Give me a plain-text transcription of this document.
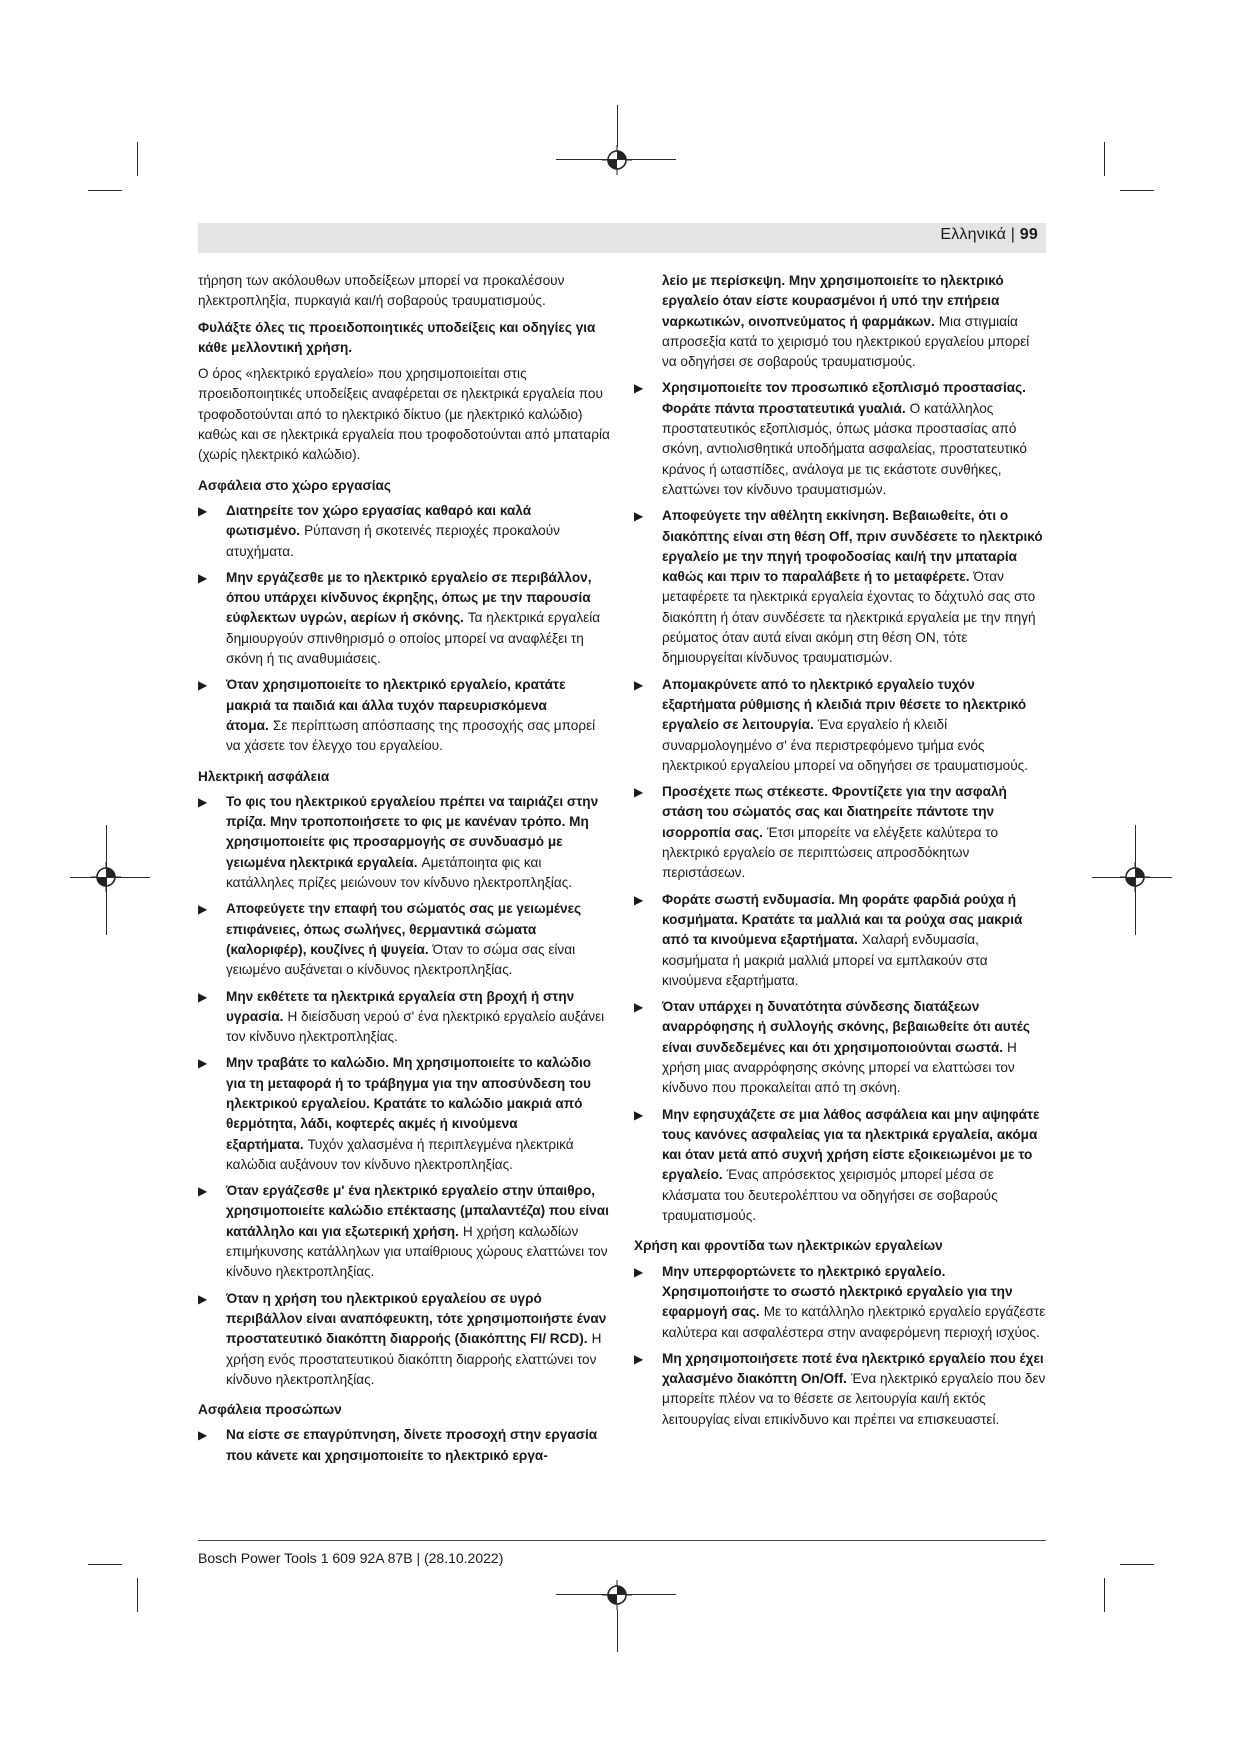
Ελληνικά | 99

τήρηση των ακόλουθων υποδείξεων μπορεί να προκαλέσουν ηλεκτροπληξία, πυρκαγιά και/ή σοβαρούς τραυματισμούς.

Φυλάξτε όλες τις προειδοποιητικές υποδείξεις και οδηγίες για κάθε μελλοντική χρήση.

Ο όρος «ηλεκτρικό εργαλείο» που χρησιμοποιείται στις προειδοποιητικές υποδείξεις αναφέρεται σε ηλεκτρικά εργαλεία που τροφοδοτούνται από το ηλεκτρικό δίκτυο (με ηλεκτρικό καλώδιο) καθώς και σε ηλεκτρικά εργαλεία που τροφοδοτούνται από μπαταρία (χωρίς ηλεκτρικό καλώδιο).

Ασφάλεια στο χώρο εργασίας
▶ Διατηρείτε τον χώρο εργασίας καθαρό και καλά φωτισμένο. Ρύπανση ή σκοτεινές περιοχές προκαλούν ατυχήματα.
▶ Μην εργάζεσθε με το ηλεκτρικό εργαλείο σε περιβάλλον, όπου υπάρχει κίνδυνος έκρηξης, όπως με την παρουσία εύφλεκτων υγρών, αερίων ή σκόνης. Τα ηλεκτρικά εργαλεία δημιουργούν σπινθηρισμό ο οποίος μπορεί να αναφλέξει τη σκόνη ή τις αναθυμιάσεις.
▶ Όταν χρησιμοποιείτε το ηλεκτρικό εργαλείο, κρατάτε μακριά τα παιδιά και άλλα τυχόν παρευρισκόμενα άτομα. Σε περίπτωση απόσπασης της προσοχής σας μπορεί να χάσετε τον έλεγχο του εργαλείου.
Ηλεκτρική ασφάλεια
▶ Το φις του ηλεκτρικού εργαλείου πρέπει να ταιριάζει στην πρίζα. Μην τροποποιήσετε το φις με κανέναν τρόπο. Μη χρησιμοποιείτε φις προσαρμογής σε συνδυασμό με γειωμένα ηλεκτρικά εργαλεία. Αμετάποιητα φις και κατάλληλες πρίζες μειώνουν τον κίνδυνο ηλεκτροπληξίας.
▶ Αποφεύγετε την επαφή του σώματός σας με γειωμένες επιφάνειες, όπως σωλήνες, θερμαντικά σώματα (καλοριφέρ), κουζίνες ή ψυγεία. Όταν το σώμα σας είναι γειωμένο αυξάνεται ο κίνδυνος ηλεκτροπληξίας.
▶ Μην εκθέτετε τα ηλεκτρικά εργαλεία στη βροχή ή στην υγρασία. Η διείσδυση νερού σ' ένα ηλεκτρικό εργαλείο αυξάνει τον κίνδυνο ηλεκτροπληξίας.
▶ Μην τραβάτε το καλώδιο. Μη χρησιμοποιείτε το καλώδιο για τη μεταφορά ή το τράβηγμα για την αποσύνδεση του ηλεκτρικού εργαλείου. Κρατάτε το καλώδιο μακριά από θερμότητα, λάδι, κοφτερές ακμές ή κινούμενα εξαρτήματα. Τυχόν χαλασμένα ή περιπλεγμένα ηλεκτρικά καλώδια αυξάνουν τον κίνδυνο ηλεκτροπληξίας.
▶ Όταν εργάζεσθε μ' ένα ηλεκτρικό εργαλείο στην ύπαιθρο, χρησιμοποιείτε καλώδιο επέκτασης (μπαλαντέζα) που είναι κατάλληλο και για εξωτερική χρήση. Η χρήση καλωδίων επιμήκυνσης κατάλληλων για υπαίθριους χώρους ελαττώνει τον κίνδυνο ηλεκτροπληξίας.
▶ Όταν η χρήση του ηλεκτρικού εργαλείου σε υγρό περιβάλλον είναι αναπόφευκτη, τότε χρησιμοποιήστε έναν προστατευτικό διακόπτη διαρροής (διακόπτης FI/ RCD). Η χρήση ενός προστατευτικού διακόπτη διαρροής ελαττώνει τον κίνδυνο ηλεκτροπληξίας.
Ασφάλεια προσώπων
▶ Να είστε σε επαγρύπνηση, δίνετε προσοχή στην εργασία που κάνετε και χρησιμοποιείτε το ηλεκτρικό εργα-
λείο με περίσκεψη. Μην χρησιμοποιείτε το ηλεκτρικό εργαλείο όταν είστε κουρασμένοι ή υπό την επήρεια ναρκωτικών, οινοπνεύματος ή φαρμάκων. Μια στιγμιαία απροσεξία κατά το χειρισμό του ηλεκτρικού εργαλείου μπορεί να οδηγήσει σε σοβαρούς τραυματισμούς.
▶ Χρησιμοποιείτε τον προσωπικό εξοπλισμό προστασίας. Φοράτε πάντα προστατευτικά γυαλιά. Ο κατάλληλος προστατευτικός εξοπλισμός, όπως μάσκα προστασίας από σκόνη, αντιολισθητικά υποδήματα ασφαλείας, προστατευτικό κράνος ή ωτασπίδες, ανάλογα με τις εκάστοτε συνθήκες, ελαττώνει τον κίνδυνο τραυματισμών.
▶ Αποφεύγετε την αθέλητη εκκίνηση. Βεβαιωθείτε, ότι ο διακόπτης είναι στη θέση Off, πριν συνδέσετε το ηλεκτρικό εργαλείο με την πηγή τροφοδοσίας και/ή την μπαταρία καθώς και πριν το παραλάβετε ή το μεταφέρετε. Όταν μεταφέρετε τα ηλεκτρικά εργαλεία έχοντας το δάχτυλό σας στο διακόπτη ή όταν συνδέσετε τα ηλεκτρικά εργαλεία με την πηγή ρεύματος όταν αυτά είναι ακόμη στη θέση ON, τότε δημιουργείται κίνδυνος τραυματισμών.
▶ Απομακρύνετε από το ηλεκτρικό εργαλείο τυχόν εξαρτήματα ρύθμισης ή κλειδιά πριν θέσετε το ηλεκτρικό εργαλείο σε λειτουργία. Ένα εργαλείο ή κλειδί συναρμολογημένο σ' ένα περιστρεφόμενο τμήμα ενός ηλεκτρικού εργαλείου μπορεί να οδηγήσει σε τραυματισμούς.
▶ Προσέχετε πως στέκεστε. Φροντίζετε για την ασφαλή στάση του σώματός σας και διατηρείτε πάντοτε την ισορροπία σας. Έτσι μπορείτε να ελέγξετε καλύτερα το ηλεκτρικό εργαλείο σε περιπτώσεις απροσδόκητων περιστάσεων.
▶ Φοράτε σωστή ενδυμασία. Μη φοράτε φαρδιά ρούχα ή κοσμήματα. Κρατάτε τα μαλλιά και τα ρούχα σας μακριά από τα κινούμενα εξαρτήματα. Χαλαρή ενδυμασία, κοσμήματα ή μακριά μαλλιά μπορεί να εμπλακούν στα κινούμενα εξαρτήματα.
▶ Όταν υπάρχει η δυνατότητα σύνδεσης διατάξεων αναρρόφησης ή συλλογής σκόνης, βεβαιωθείτε ότι αυτές είναι συνδεδεμένες και ότι χρησιμοποιούνται σωστά. Η χρήση μιας αναρρόφησης σκόνης μπορεί να ελαττώσει τον κίνδυνο που προκαλείται από τη σκόνη.
▶ Μην εφησυχάζετε σε μια λάθος ασφάλεια και μην αψηφάτε τους κανόνες ασφαλείας για τα ηλεκτρικά εργαλεία, ακόμα και όταν μετά από συχνή χρήση είστε εξοικειωμένοι με το εργαλείο. Ένας απρόσεκτος χειρισμός μπορεί μέσα σε κλάσματα του δευτερολέπτου να οδηγήσει σε σοβαρούς τραυματισμούς.
Χρήση και φροντίδα των ηλεκτρικών εργαλείων
▶ Μην υπερφορτώνετε το ηλεκτρικό εργαλείο. Χρησιμοποιήστε το σωστό ηλεκτρικό εργαλείο για την εφαρμογή σας. Με το κατάλληλο ηλεκτρικό εργαλείο εργάζεστε καλύτερα και ασφαλέστερα στην αναφερόμενη περιοχή ισχύος.
▶ Μη χρησιμοποιήσετε ποτέ ένα ηλεκτρικό εργαλείο που έχει χαλασμένο διακόπτη On/Off. Ένα ηλεκτρικό εργαλείο που δεν μπορείτε πλέον να το θέσετε σε λειτουργία και/ή εκτός λειτουργίας είναι επικίνδυνο και πρέπει να επισκευαστεί.
Bosch Power Tools 1 609 92A 87B | (28.10.2022)
